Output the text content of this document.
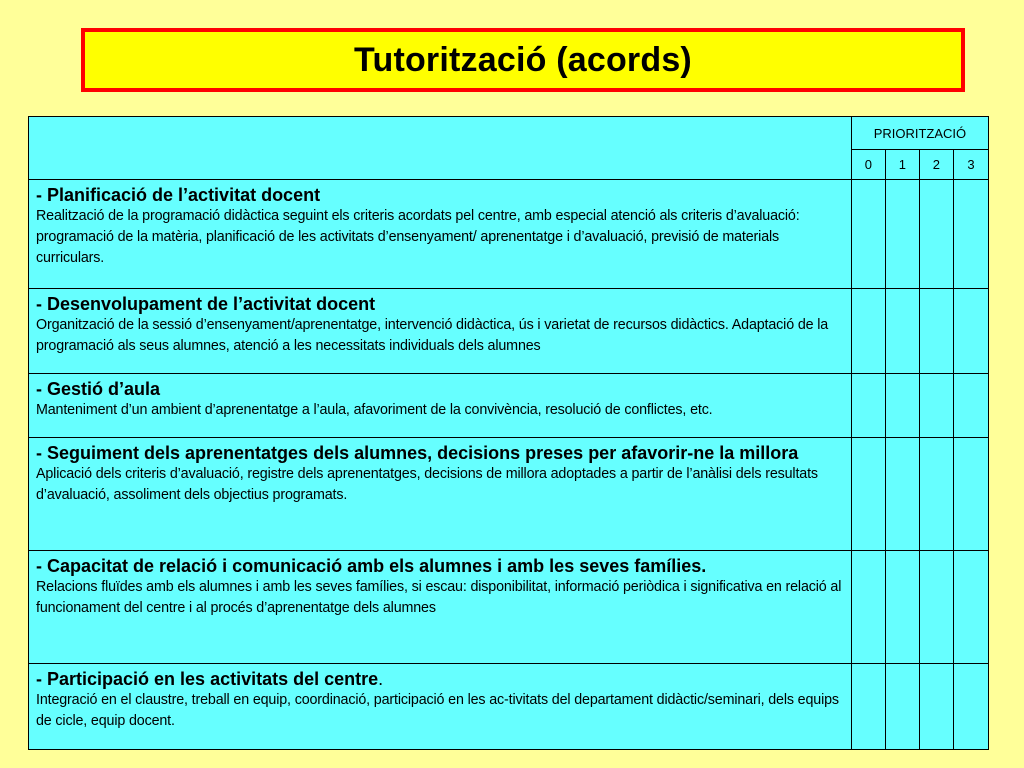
Tutorització (acords)
	PRIORITZACIÓ			
	0	1	2	3

- Planificació de l’activitat docent
Realització de la programació didàctica seguint els criteris acordats pel centre, amb especial atenció als criteris d’avaluació: programació de la matèria, planificació de les activitats d’ensenyament/ aprenentatge i d’avaluació, previsió de materials curriculars.				

- Desenvolupament de l’activitat docent
Organització de la sessió d’ensenyament/aprenentatge, intervenció didàctica, ús i varietat de recursos didàctics. Adaptació de la programació als seus alumnes, atenció a les necessitats individuals dels alumnes				

- Gestió d’aula
Manteniment d’un ambient d’aprenentatge a l’aula, afavoriment de la convivència, resolució de conflictes, etc.				

- Seguiment dels aprenentatges dels alumnes, decisions preses per afavorir-ne la millora
Aplicació dels criteris d’avaluació, registre dels aprenentatges, decisions de millora adoptades a partir de l’anàlisi dels resultats d’avaluació, assoliment dels objectius programats.				

- Capacitat de relació i comunicació amb els alumnes i amb les seves famílies.
Relacions fluïdes amb els alumnes i amb les seves famílies, si escau: disponibilitat, informació periòdica i significativa en relació al funcionament del centre i al procés d’aprenentatge dels alumnes				

- Participació en les activitats del centre.
Integració en el claustre, treball en equip, coordinació, participació en les ac-tivitats del departament didàctic/seminari, dels equips de cicle, equip docent.				
